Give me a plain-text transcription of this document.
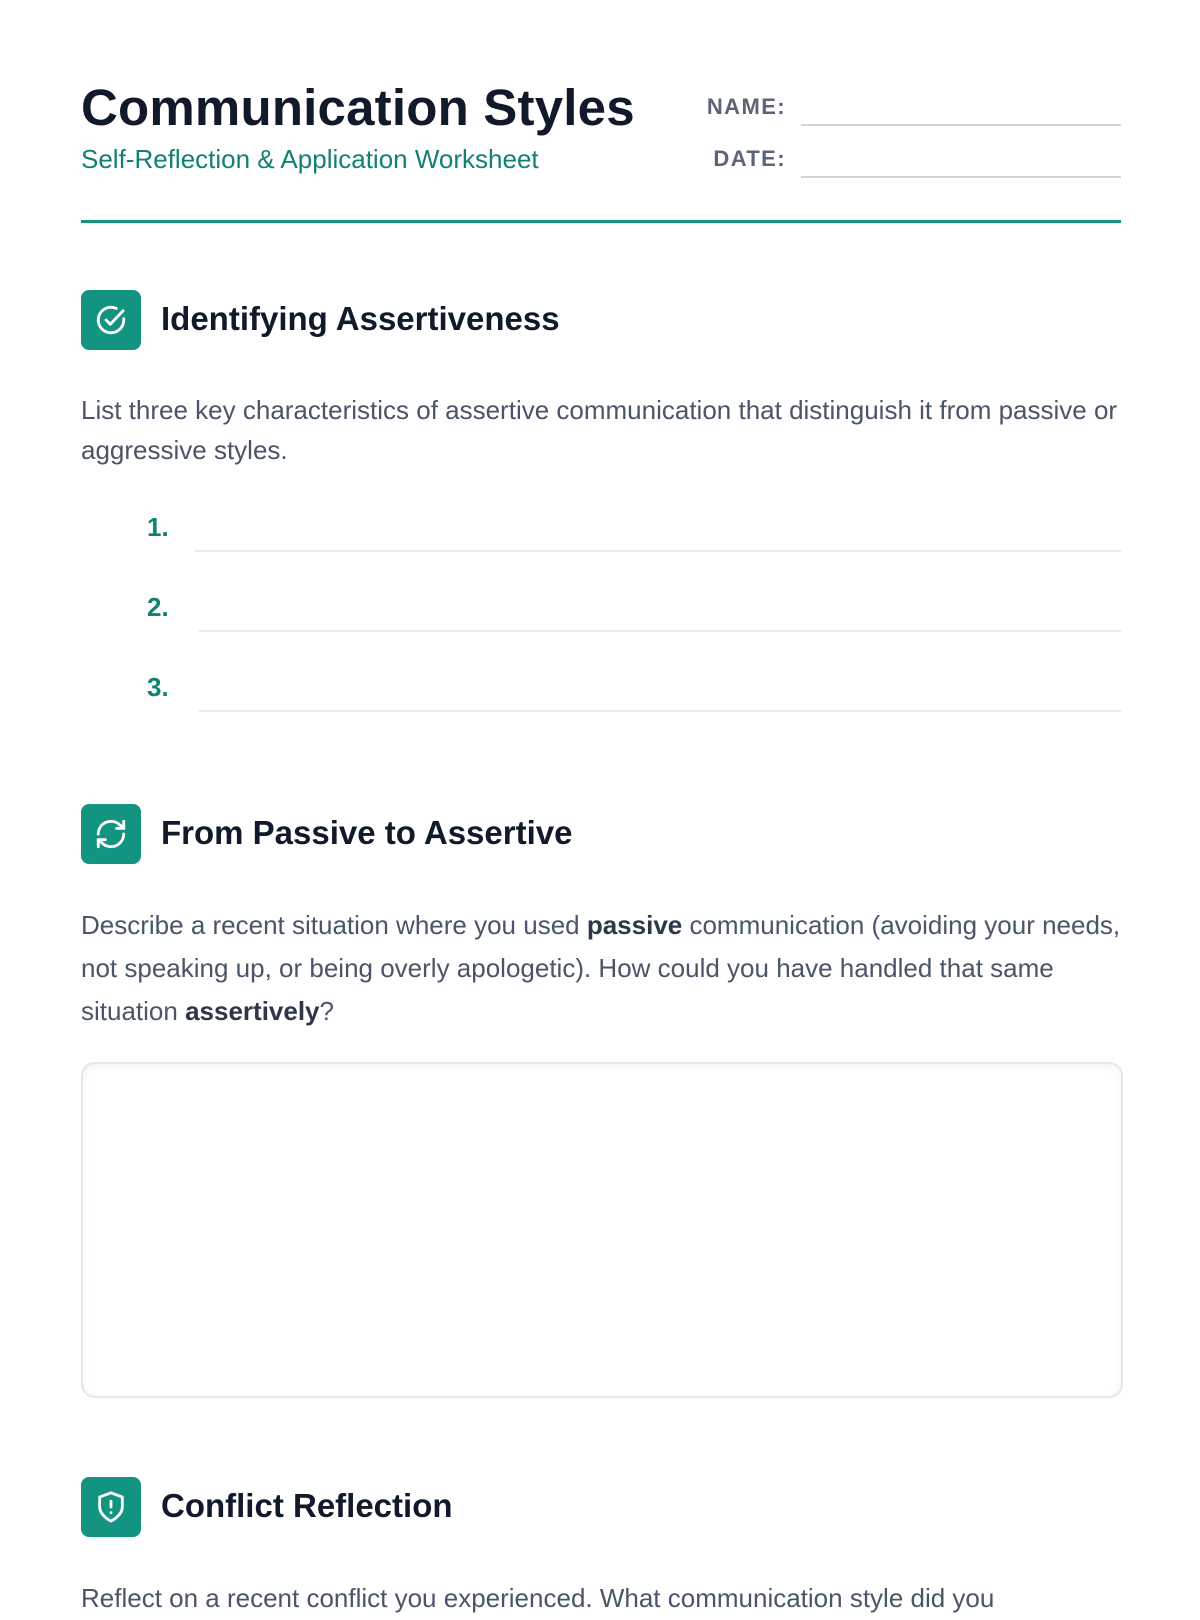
Communication Styles
Self-Reflection & Application Worksheet
NAME:
DATE:
Identifying Assertiveness
List three key characteristics of assertive communication that distinguish it from passive or aggressive styles.
1.
2.
3.
From Passive to Assertive
Describe a recent situation where you used passive communication (avoiding your needs, not speaking up, or being overly apologetic). How could you have handled that same situation assertively?
Conflict Reflection
Reflect on a recent conflict you experienced. What communication style did you
